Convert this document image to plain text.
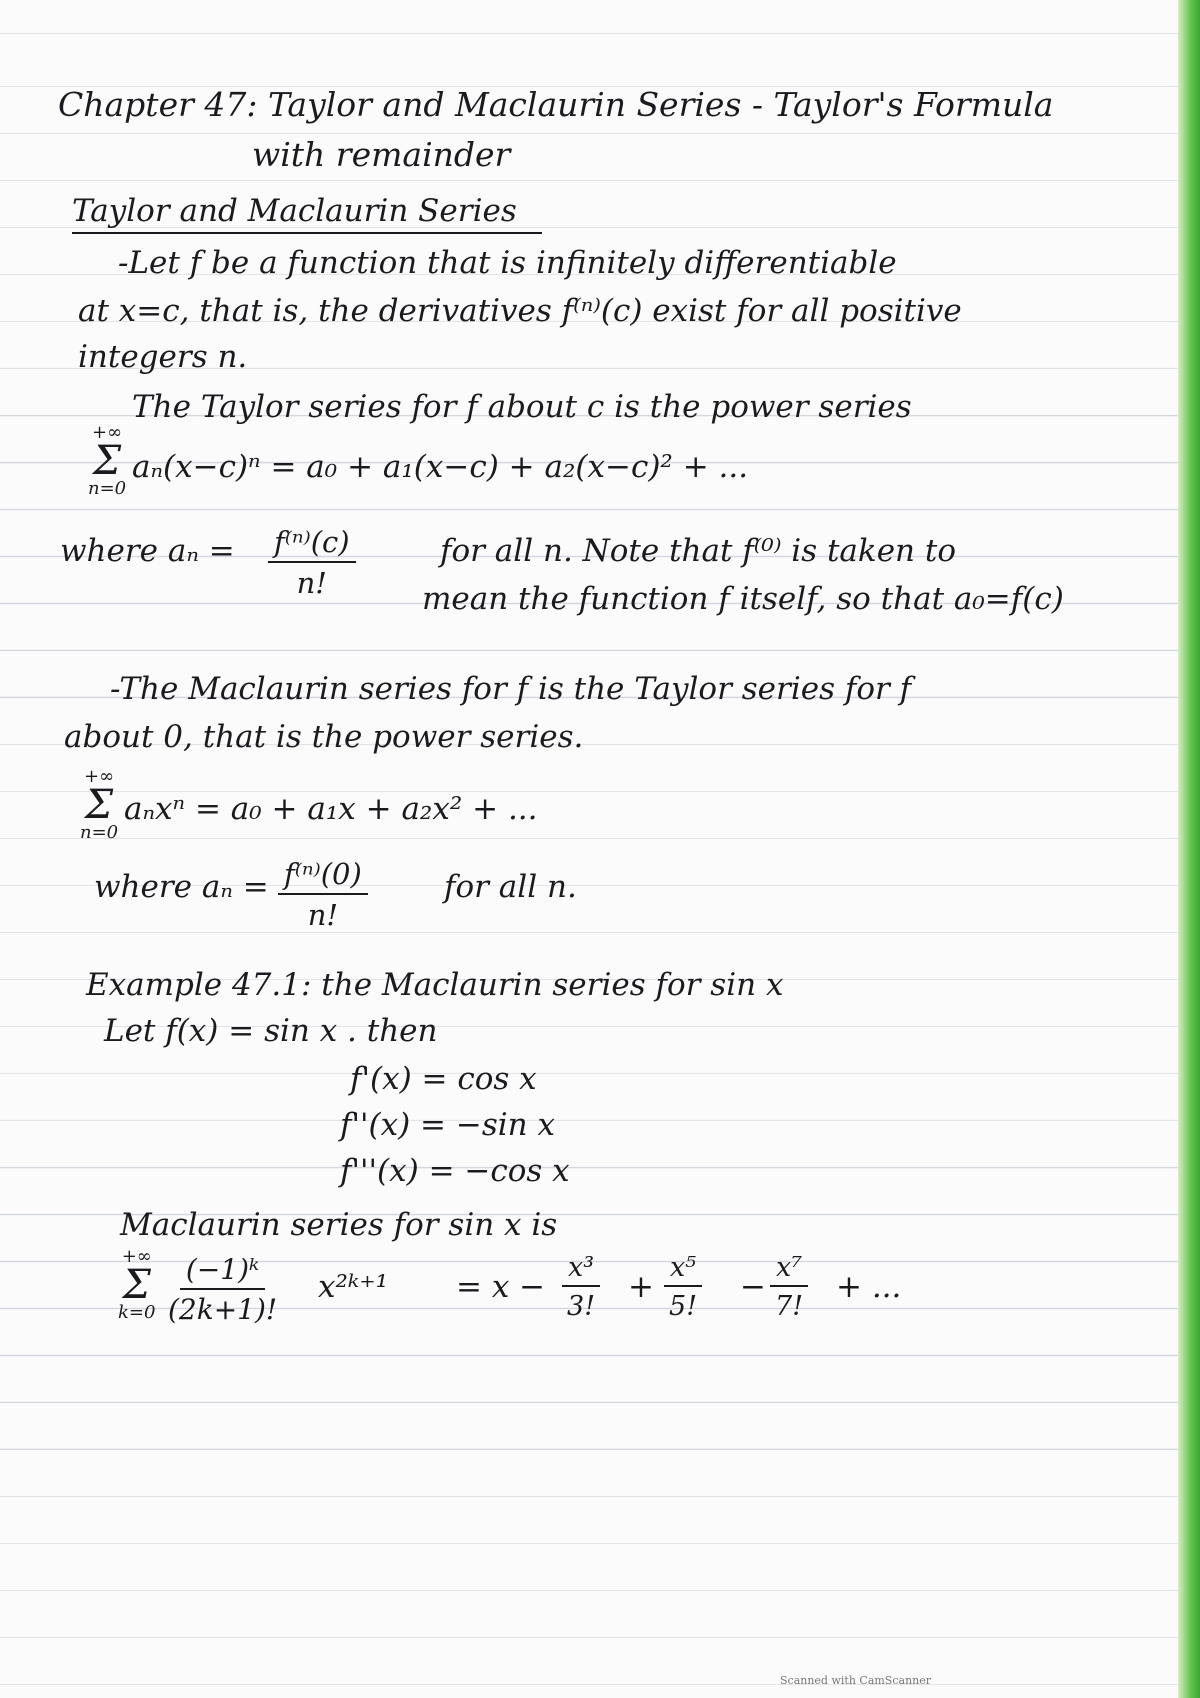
Chapter 47: Taylor and Maclaurin Series - Taylor's Formula
with remainder
Taylor and Maclaurin Series
-Let f be a function that is infinitely differentiable
at x=c, that is, the derivatives f⁽ⁿ⁾(c) exist for all positive
integers n.
The Taylor series for f about c is the power series
+∞
Σ
n=0
aₙ(x−c)ⁿ = a₀ + a₁(x−c) + a₂(x−c)² + ...
where $a_n = \frac{\text{f⁽ⁿ⁾(c)}}{n!}$	for all n. Note that f⁽⁰⁾ is taken to
mean the function f itself, so that a₀=f(c)
-The Maclaurin series for f is the Taylor series for f
about 0, that is the power series.
+∞
Σ
n=0
aₙxⁿ = a₀ + a₁x + a₂x² + ...
where $a_n = \frac{\text{f⁽ⁿ⁾(0)}}{n!}$ for all n.
Example 47.1: the Maclaurin series for sin x
Let f(x) = sin x . then
f'(x) = cos x
f''(x) = −sin x
f'''(x) = −cos x
Maclaurin series for sin x is
+∞
Σ
$k=0 \frac{\text{(−1)ᵏ}}{(2k+1)!}$ x²ᵏ⁺¹ = $x - \frac{\text{x³}}{3!} + \frac{\text{x⁵}}{5!} - \frac{\text{x⁷}}{7!}$ + ...
Scanned with CamScanner
